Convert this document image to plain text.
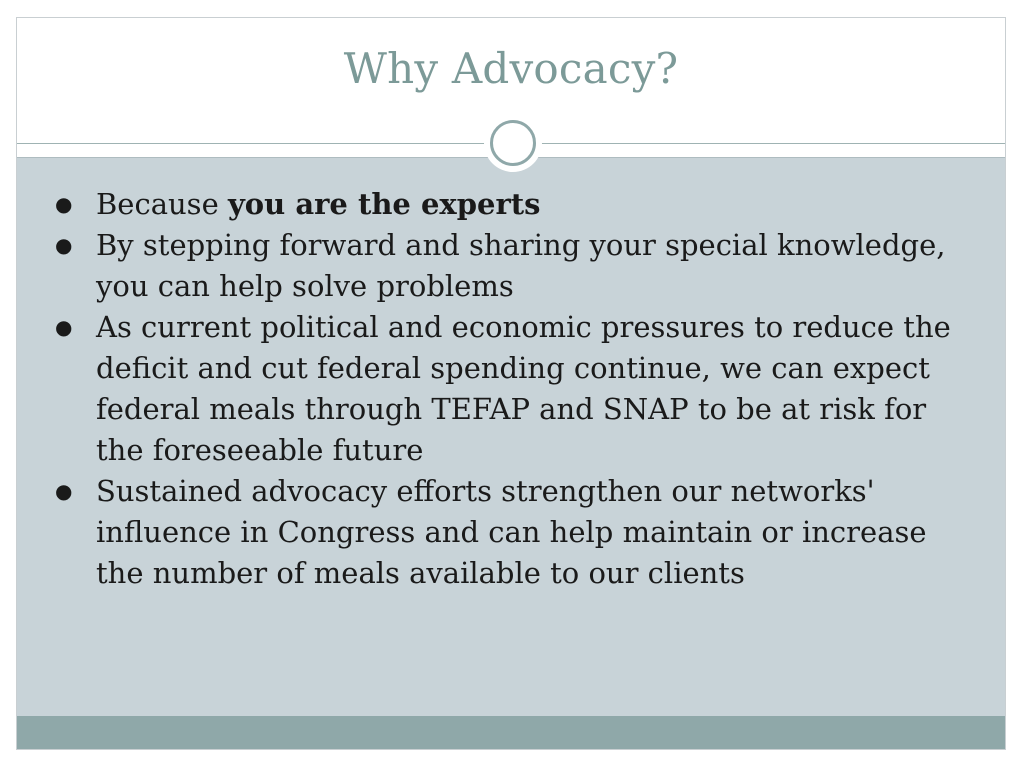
Why Advocacy?
● Because you are the experts
● By stepping forward and sharing your special knowledge, you can help solve problems
● As current political and economic pressures to reduce the deficit and cut federal spending continue, we can expect federal meals through TEFAP and SNAP to be at risk for the foreseeable future
● Sustained advocacy efforts strengthen our networks' influence in Congress and can help maintain or increase the number of meals available to our clients
